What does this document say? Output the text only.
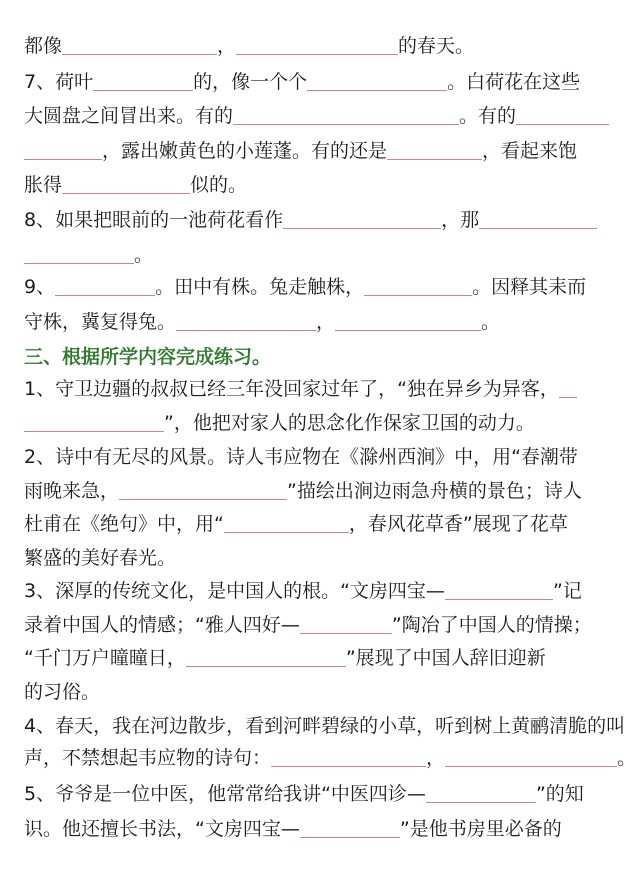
都像	，	的春天。
7、荷叶	的，像一个个	。白荷花在这些
大圆盘之间冒出来。有的	。有的
，露出嫩黄色的小莲蓬。有的还是	，看起来饱
胀得	似的。
8、如果把眼前的一池荷花看作	，那
。
9、	。田中有株。兔走触株，	。因释其耒而
守株，冀复得兔。	，	。
三、根据所学内容完成练习。
1、守卫边疆的叔叔已经三年没回家过年了，“独在异乡为异客，
”，他把对家人的思念化作保家卫国的动力。
2、诗中有无尽的风景。诗人韦应物在《滁州西涧》中，用“春潮带
雨晚来急，	”描绘出涧边雨急舟横的景色；诗人
杜甫在《绝句》中，用“	，春风花草香”展现了花草
繁盛的美好春光。
3、深厚的传统文化，是中国人的根。“文房四宝—	”记
录着中国人的情感；“雅人四好—	”陶冶了中国人的情操；
“千门万户曈曈日，	”展现了中国人辞旧迎新
的习俗。
4、春天，我在河边散步，看到河畔碧绿的小草，听到树上黄鹂清脆的叫
声，不禁想起韦应物的诗句：	，	。
5、爷爷是一位中医，他常常给我讲“中医四诊—	”的知
识。他还擅长书法，“文房四宝—	”是他书房里必备的
